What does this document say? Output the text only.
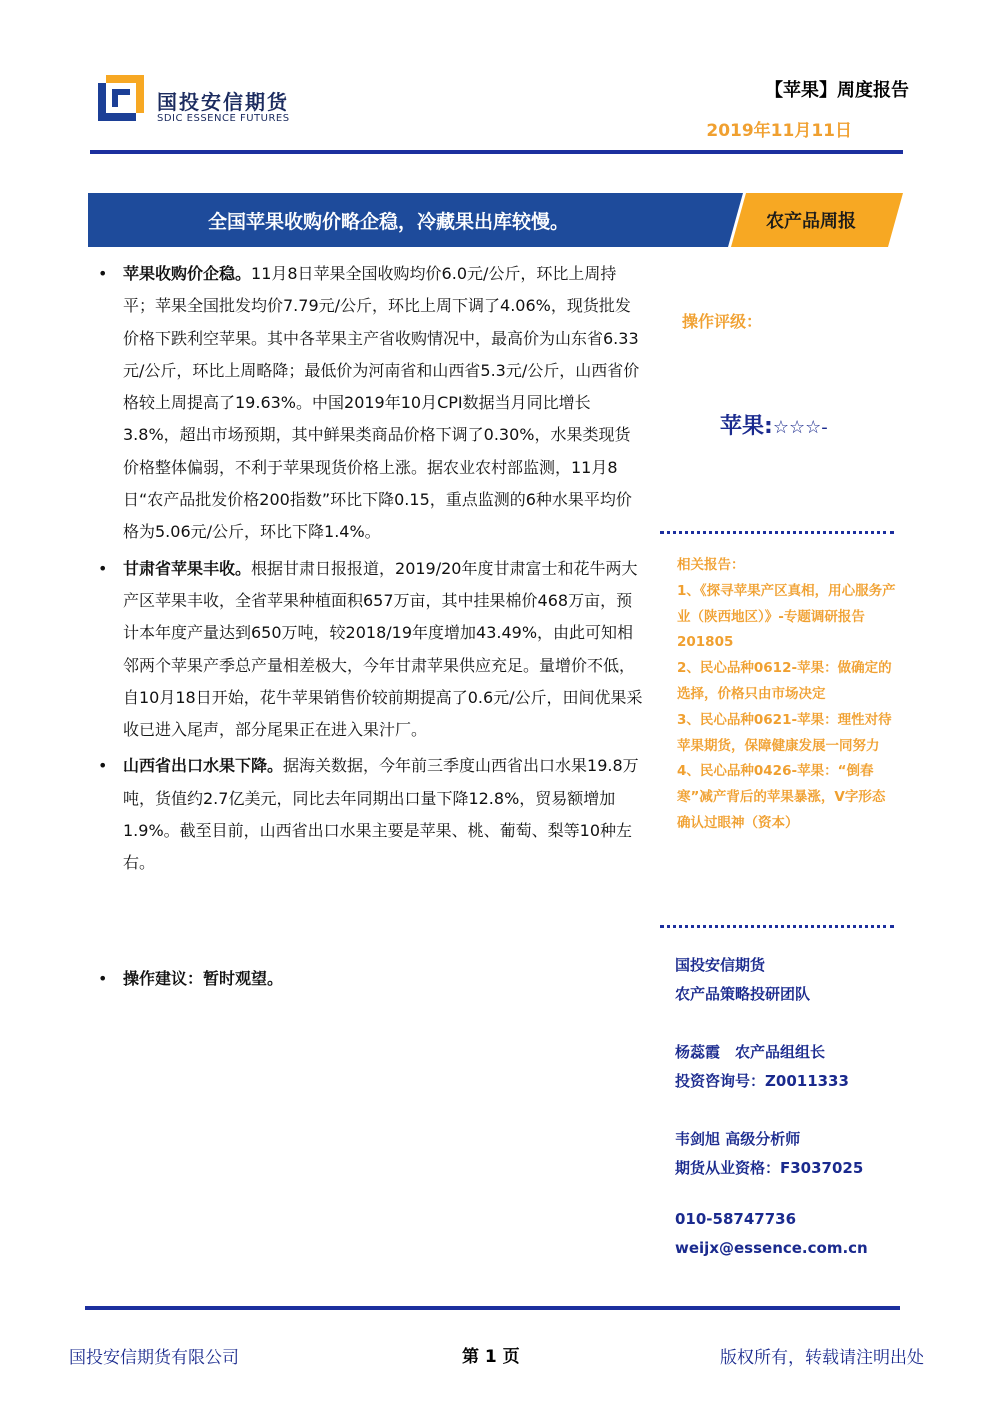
国投安信期货
SDIC ESSENCE FUTURES
【苹果】周度报告
2019年11月11日
全国苹果收购价略企稳，冷藏果出库较慢。	农产品周报
• 苹果收购价企稳。11月8日苹果全国收购均价6.0元/公斤，环比上周持平；苹果全国批发均价7.79元/公斤，环比上周下调了4.06%，现货批发价格下跌利空苹果。其中各苹果主产省收购情况中，最高价为山东省6.33元/公斤，环比上周略降；最低价为河南省和山西省5.3元/公斤，山西省价格较上周提高了19.63%。中国2019年10月CPI数据当月同比增长3.8%，超出市场预期，其中鲜果类商品价格下调了0.30%，水果类现货价格整体偏弱，不利于苹果现货价格上涨。据农业农村部监测，11月8日“农产品批发价格200指数”环比下降0.15，重点监测的6种水果平均价格为5.06元/公斤，环比下降1.4%。
• 甘肃省苹果丰收。根据甘肃日报报道，2019/20年度甘肃富士和花牛两大产区苹果丰收，全省苹果种植面积657万亩，其中挂果棉价468万亩，预计本年度产量达到650万吨，较2018/19年度增加43.49%，由此可知相邻两个苹果产季总产量相差极大，今年甘肃苹果供应充足。量增价不低，自10月18日开始，花牛苹果销售价较前期提高了0.6元/公斤，田间优果采收已进入尾声，部分尾果正在进入果汁厂。
• 山西省出口水果下降。据海关数据，今年前三季度山西省出口水果19.8万吨，货值约2.7亿美元，同比去年同期出口量下降12.8%，贸易额增加1.9%。截至目前，山西省出口水果主要是苹果、桃、葡萄、梨等10种左右。
• 操作建议：暂时观望。
操作评级：
苹果:☆☆☆-
相关报告：
1、《探寻苹果产区真相，用心服务产业（陕西地区）》-专题调研报告 201805
2、民心品种0612-苹果：做确定的选择，价格只由市场决定
3、民心品种0621-苹果：理性对待苹果期货，保障健康发展一同努力
4、民心品种0426-苹果：“倒春寒”减产背后的苹果暴涨，V字形态确认过眼神（资本）
国投安信期货
农产品策略投研团队
杨蕊霞　农产品组组长
投资咨询号：Z0011333
韦剑旭 高级分析师
期货从业资格：F3037025
010-58747736
weijx@essence.com.cn
国投安信期货有限公司	第 1 页	版权所有，转载请注明出处
